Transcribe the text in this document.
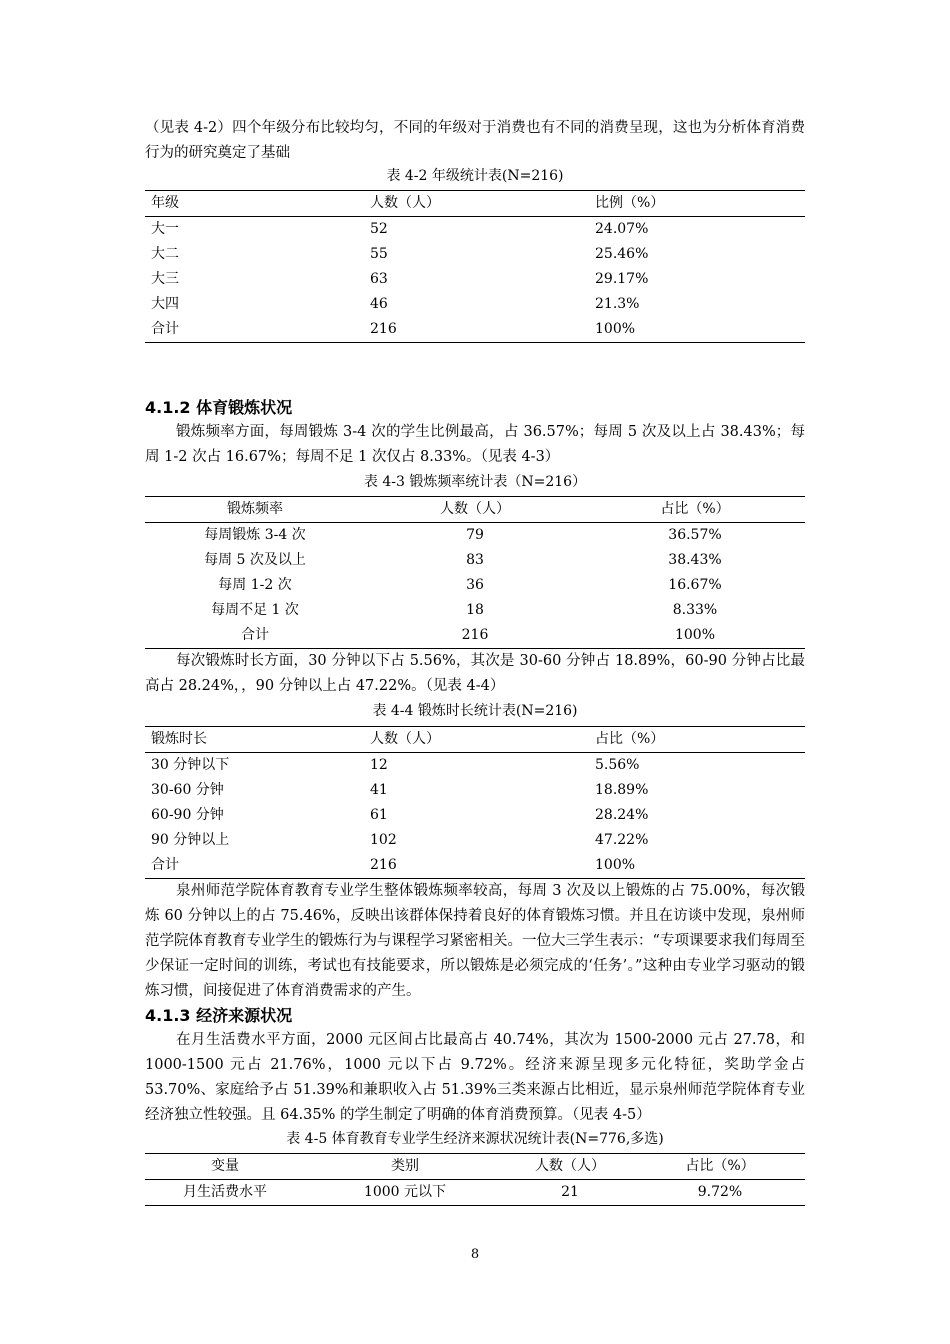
（见表 4-2）四个年级分布比较均匀，不同的年级对于消费也有不同的消费呈现，这也为分析体育消费行为的研究奠定了基础

表 4-2 年级统计表(N=216)

年级	人数（人）	比例（%）
大一	52	24.07%
大二	55	25.46%
大三	63	29.17%
大四	46	21.3%
合计	216	100%
4.1.2 体育锻炼状况

锻炼频率方面，每周锻炼 3-4 次的学生比例最高，占 36.57%；每周 5 次及以上占 38.43%；每周 1-2 次占 16.67%；每周不足 1 次仅占 8.33%。（见表 4-3）

表 4-3 锻炼频率统计表（N=216）

锻炼频率	人数（人）	占比（%）
每周锻炼 3-4 次	79	36.57%
每周 5 次及以上	83	38.43%
每周 1-2 次	36	16.67%
每周不足 1 次	18	8.33%
合计	216	100%

每次锻炼时长方面，30 分钟以下占 5.56%，其次是 30-60 分钟占 18.89%，60-90 分钟占比最高占 28.24%，，90 分钟以上占 47.22%。（见表 4-4）

表 4-4 锻炼时长统计表(N=216)

锻炼时长	人数（人）	占比（%）
30 分钟以下	12	5.56%
30-60 分钟	41	18.89%
60-90 分钟	61	28.24%
90 分钟以上	102	47.22%
合计	216	100%

泉州师范学院体育教育专业学生整体锻炼频率较高，每周 3 次及以上锻炼的占 75.00%，每次锻炼 60 分钟以上的占 75.46%，反映出该群体保持着良好的体育锻炼习惯。并且在访谈中发现，泉州师范学院体育教育专业学生的锻炼行为与课程学习紧密相关。一位大三学生表示：“专项课要求我们每周至少保证一定时间的训练，考试也有技能要求，所以锻炼是必须完成的‘任务’。”这种由专业学习驱动的锻炼习惯，间接促进了体育消费需求的产生。

4.1.3 经济来源状况

在月生活费水平方面，2000 元区间占比最高占 40.74%，其次为 1500-2000 元占 27.78，和 1000-1500 元占 21.76%，1000 元以下占 9.72%。经济来源呈现多元化特征，奖助学金占 53.70%、家庭给予占 51.39%和兼职收入占 51.39%三类来源占比相近，显示泉州师范学院体育专业经济独立性较强。且 64.35% 的学生制定了明确的体育消费预算。（见表 4-5）

表 4-5 体育教育专业学生经济来源状况统计表(N=776,多选)

变量	类别	人数（人）	占比（%）
月生活费水平	1000 元以下	21	9.72%
8
